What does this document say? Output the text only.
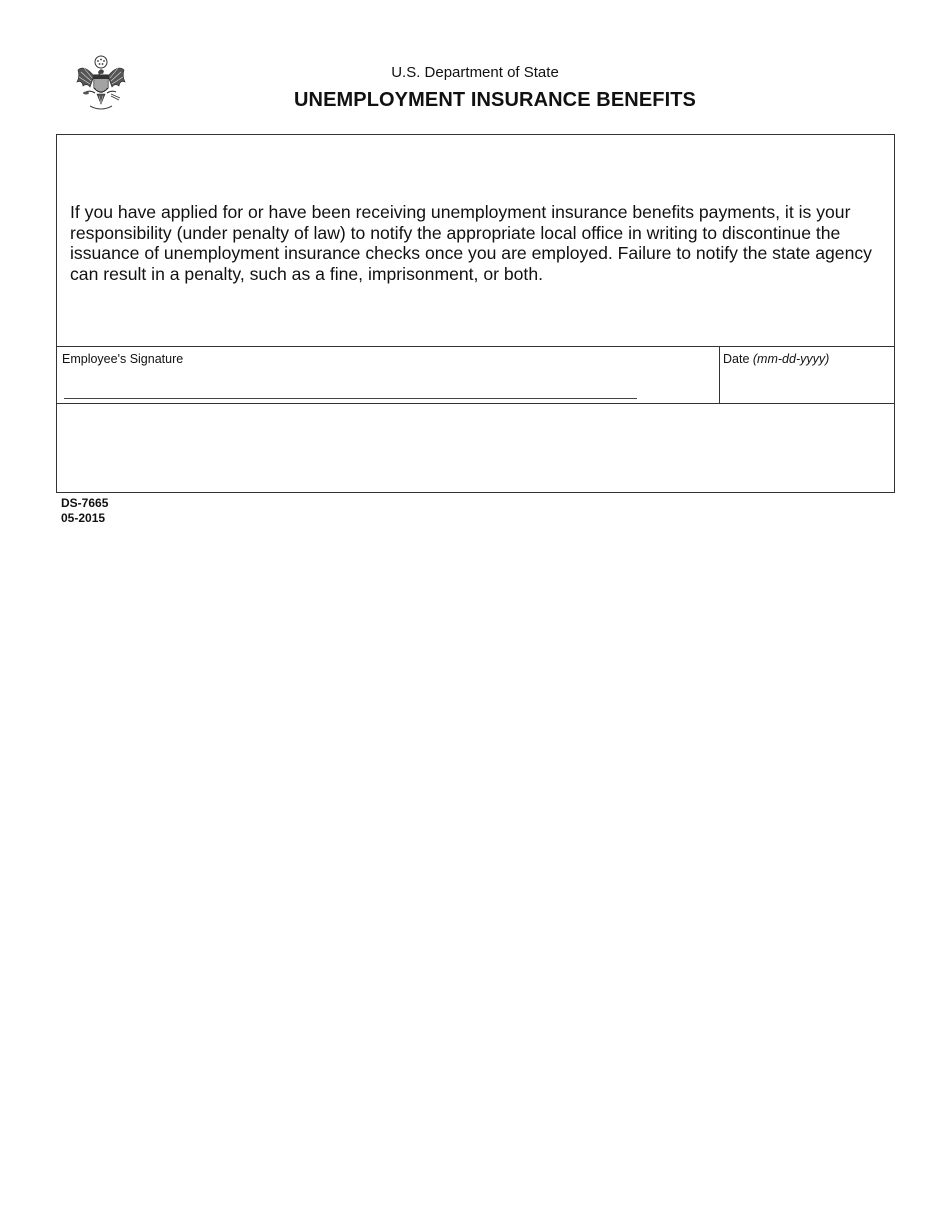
U.S. Department of State
UNEMPLOYMENT INSURANCE BENEFITS
If you have applied for or have been receiving unemployment insurance benefits payments, it is your responsibility (under penalty of law) to notify the appropriate local office in writing to discontinue the issuance of unemployment insurance checks once you are employed. Failure to notify the state agency can result in a penalty, such as a fine, imprisonment, or both.
Employee's Signature	Date (mm-dd-yyyy)
DS-7665
05-2015
